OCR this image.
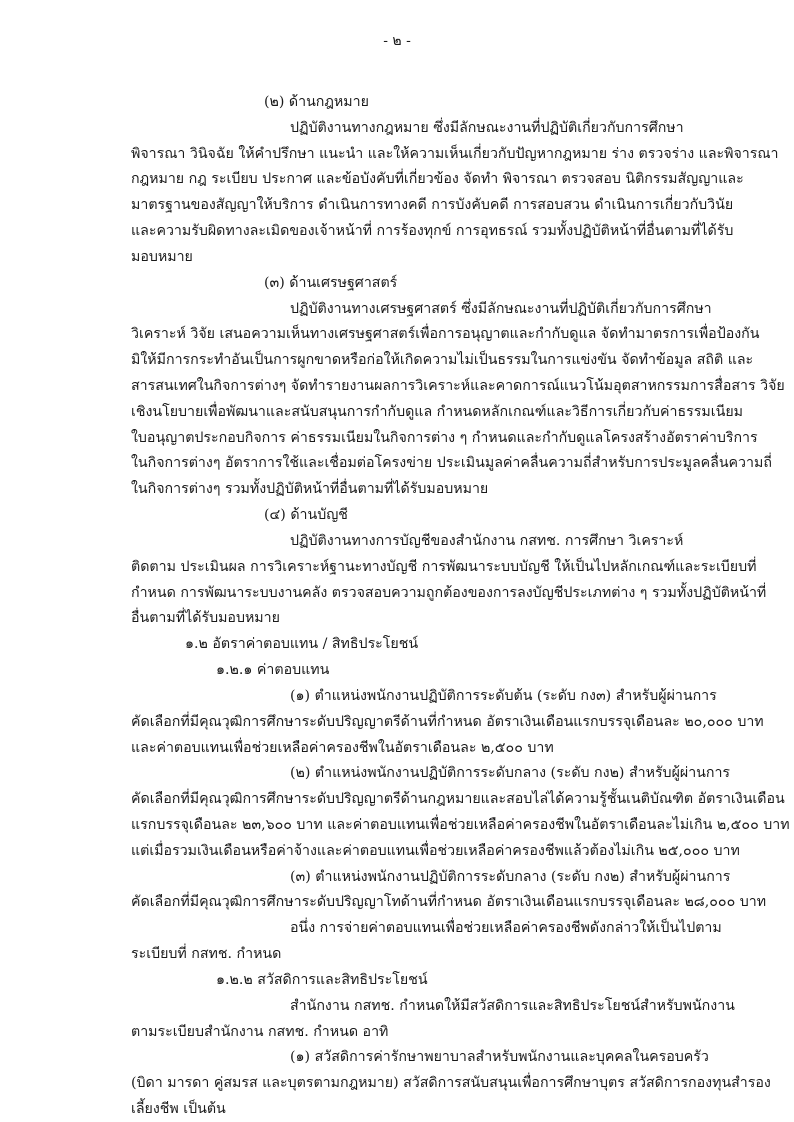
- ๒ -
(๒) ด้านกฎหมาย
ปฏิบัติงานทางกฎหมาย ซึ่งมีลักษณะงานที่ปฏิบัติเกี่ยวกับการศึกษา
พิจารณา วินิจฉัย ให้คำปรึกษา แนะนำ และให้ความเห็นเกี่ยวกับปัญหากฎหมาย ร่าง ตรวจร่าง และพิจารณา
กฎหมาย กฎ ระเบียบ ประกาศ และข้อบังคับที่เกี่ยวข้อง จัดทำ พิจารณา ตรวจสอบ นิติกรรมสัญญาและ
มาตรฐานของสัญญาให้บริการ ดำเนินการทางคดี การบังคับคดี การสอบสวน ดำเนินการเกี่ยวกับวินัย
และความรับผิดทางละเมิดของเจ้าหน้าที่ การร้องทุกข์ การอุทธรณ์ รวมทั้งปฏิบัติหน้าที่อื่นตามที่ได้รับ
มอบหมาย
(๓) ด้านเศรษฐศาสตร์
ปฏิบัติงานทางเศรษฐศาสตร์ ซึ่งมีลักษณะงานที่ปฏิบัติเกี่ยวกับการศึกษา
วิเคราะห์ วิจัย เสนอความเห็นทางเศรษฐศาสตร์เพื่อการอนุญาตและกำกับดูแล จัดทำมาตรการเพื่อป้องกัน
มิให้มีการกระทำอันเป็นการผูกขาดหรือก่อให้เกิดความไม่เป็นธรรมในการแข่งขัน จัดทำข้อมูล สถิติ และ
สารสนเทศในกิจการต่างๆ จัดทำรายงานผลการวิเคราะห์และคาดการณ์แนวโน้มอุตสาหกรรมการสื่อสาร วิจัย
เชิงนโยบายเพื่อพัฒนาและสนับสนุนการกำกับดูแล กำหนดหลักเกณฑ์และวิธีการเกี่ยวกับค่าธรรมเนียม
ใบอนุญาตประกอบกิจการ ค่าธรรมเนียมในกิจการต่าง ๆ กำหนดและกำกับดูแลโครงสร้างอัตราค่าบริการ
ในกิจการต่างๆ อัตราการใช้และเชื่อมต่อโครงข่าย ประเมินมูลค่าคลื่นความถี่สำหรับการประมูลคลื่นความถี่
ในกิจการต่างๆ รวมทั้งปฏิบัติหน้าที่อื่นตามที่ได้รับมอบหมาย
(๔) ด้านบัญชี
ปฏิบัติงานทางการบัญชีของสำนักงาน กสทช. การศึกษา วิเคราะห์
ติดตาม ประเมินผล การวิเคราะห์ฐานะทางบัญชี การพัฒนาระบบบัญชี ให้เป็นไปหลักเกณฑ์และระเบียบที่
กำหนด การพัฒนาระบบงานคลัง ตรวจสอบความถูกต้องของการลงบัญชีประเภทต่าง ๆ รวมทั้งปฏิบัติหน้าที่
อื่นตามที่ได้รับมอบหมาย
๑.๒ อัตราค่าตอบแทน / สิทธิประโยชน์
๑.๒.๑ ค่าตอบแทน
(๑) ตำแหน่งพนักงานปฏิบัติการระดับต้น (ระดับ กง๓) สำหรับผู้ผ่านการ
คัดเลือกที่มีคุณวุฒิการศึกษาระดับปริญญาตรีด้านที่กำหนด อัตราเงินเดือนแรกบรรจุเดือนละ ๒๐,๐๐๐ บาท
และค่าตอบแทนเพื่อช่วยเหลือค่าครองชีพในอัตราเดือนละ ๒,๕๐๐ บาท
(๒) ตำแหน่งพนักงานปฏิบัติการระดับกลาง (ระดับ กง๒) สำหรับผู้ผ่านการ
คัดเลือกที่มีคุณวุฒิการศึกษาระดับปริญญาตรีด้านกฎหมายและสอบไล่ได้ความรู้ชั้นเนติบัณฑิต อัตราเงินเดือน
แรกบรรจุเดือนละ ๒๓,๖๐๐ บาท และค่าตอบแทนเพื่อช่วยเหลือค่าครองชีพในอัตราเดือนละไม่เกิน ๒,๕๐๐ บาท
แต่เมื่อรวมเงินเดือนหรือค่าจ้างและค่าตอบแทนเพื่อช่วยเหลือค่าครองชีพแล้วต้องไม่เกิน ๒๕,๐๐๐ บาท
(๓) ตำแหน่งพนักงานปฏิบัติการระดับกลาง (ระดับ กง๒) สำหรับผู้ผ่านการ
คัดเลือกที่มีคุณวุฒิการศึกษาระดับปริญญาโทด้านที่กำหนด อัตราเงินเดือนแรกบรรจุเดือนละ ๒๘,๐๐๐ บาท
อนึ่ง การจ่ายค่าตอบแทนเพื่อช่วยเหลือค่าครองชีพดังกล่าวให้เป็นไปตาม
ระเบียบที่ กสทช. กำหนด
๑.๒.๒ สวัสดิการและสิทธิประโยชน์
สำนักงาน กสทช. กำหนดให้มีสวัสดิการและสิทธิประโยชน์สำหรับพนักงาน
ตามระเบียบสำนักงาน กสทช. กำหนด อาทิ
(๑) สวัสดิการค่ารักษาพยาบาลสำหรับพนักงานและบุคคลในครอบครัว
(บิดา มารดา คู่สมรส และบุตรตามกฎหมาย) สวัสดิการสนับสนุนเพื่อการศึกษาบุตร สวัสดิการกองทุนสำรอง
เลี้ยงชีพ เป็นต้น
